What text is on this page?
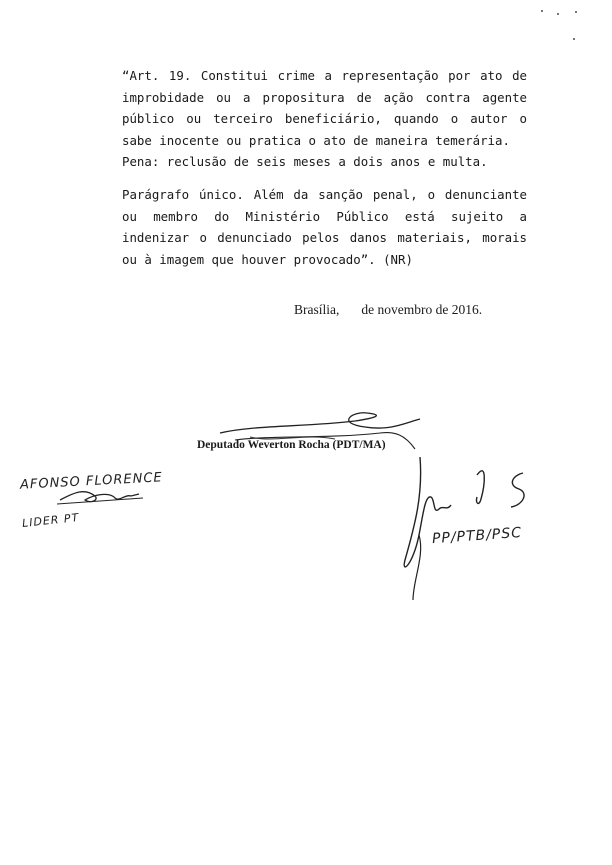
“Art. 19. Constitui crime a representação por ato de improbidade ou a propositura de ação contra agente público ou terceiro beneficiário, quando o autor o sabe inocente ou pratica o ato de maneira temerária.

Pena: reclusão de seis meses a dois anos e multa.

Parágrafo único. Além da sanção penal, o denunciante ou membro do Ministério Público está sujeito a indenizar o denunciado pelos danos materiais, morais ou à imagem que houver provocado”. (NR)

Brasília, de novembro de 2016.
Deputado Weverton Rocha (PDT/MA)
AFONSO FLORENCE
LIDER PT
PP/PTB/PSC
